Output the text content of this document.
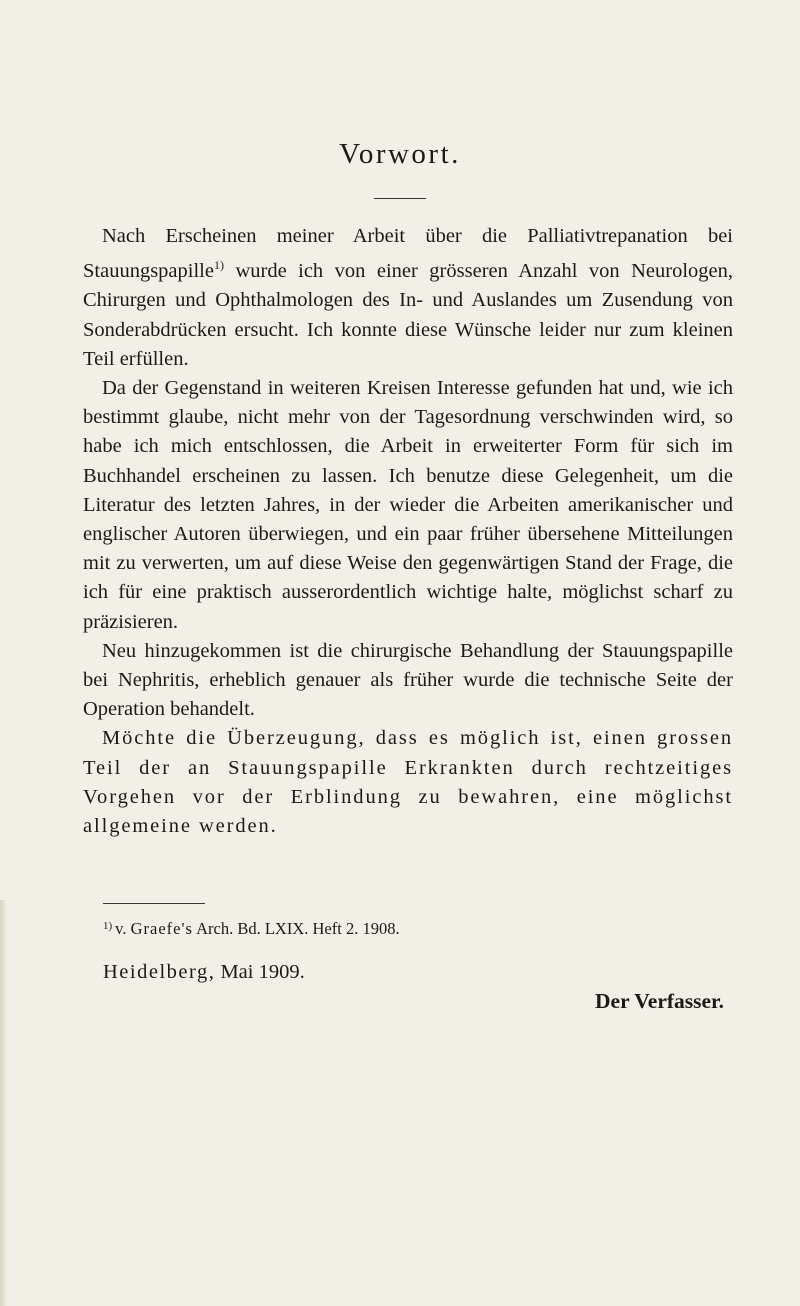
Vorwort.

Nach Erscheinen meiner Arbeit über die Palliativtrepanation bei Stauungspapille$^{1)}$ wurde ich von einer grösseren Anzahl von Neurologen, Chirurgen und Ophthalmologen des In- und Auslandes um Zusendung von Sonderabdrücken ersucht. Ich konnte diese Wünsche leider nur zum kleinen Teil erfüllen.

Da der Gegenstand in weiteren Kreisen Interesse gefunden hat und, wie ich bestimmt glaube, nicht mehr von der Tagesordnung verschwinden wird, so habe ich mich entschlossen, die Arbeit in erweiterter Form für sich im Buchhandel erscheinen zu lassen. Ich benutze diese Gelegenheit, um die Literatur des letzten Jahres, in der wieder die Arbeiten amerikanischer und englischer Autoren überwiegen, und ein paar früher übersehene Mitteilungen mit zu verwerten, um auf diese Weise den gegenwärtigen Stand der Frage, die ich für eine praktisch ausserordentlich wichtige halte, möglichst scharf zu präzisieren.

Neu hinzugekommen ist die chirurgische Behandlung der Stauungspapille bei Nephritis, erheblich genauer als früher wurde die technische Seite der Operation behandelt.

Möchte die Überzeugung, dass es möglich ist, einen grossen Teil der an Stauungspapille Erkrankten durch rechtzeitiges Vorgehen vor der Erblindung zu bewahren, eine möglichst allgemeine werden.

$^{1)}$ v. Graefe's Arch. Bd. LXIX. Heft 2. 1908.

Heidelberg, Mai 1909.

Der Verfasser.
